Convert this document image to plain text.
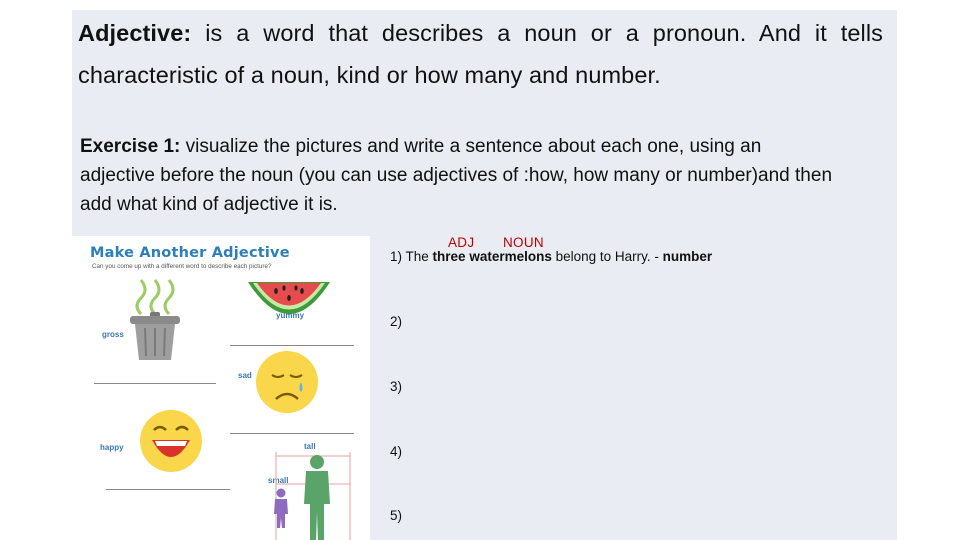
Adjective: is a word that describes a noun or a pronoun. And it tells characteristic of a noun, kind or how many and number.

Exercise 1: visualize the pictures and write a sentence about each one, using an adjective before the noun (you can use adjectives of :how, how many or number)and then add what kind of adjective it is.

Make Another Adjective
Can you come up with a different word to describe each picture?
yummy
gross
sad
happy	tall
small
ADJ NOUN
1) The three watermelons belong to Harry. - number
2)
3)
4)
5)
